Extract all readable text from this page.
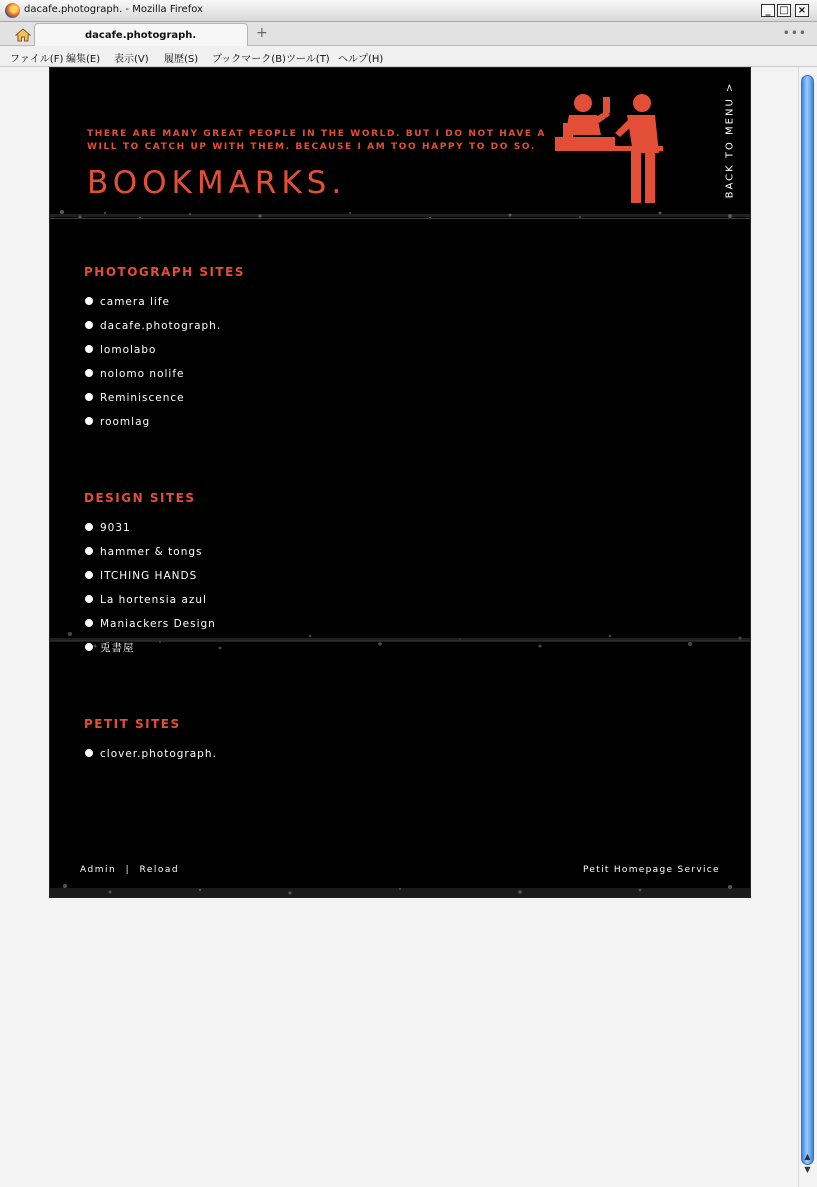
dacafe.photograph. - Mozilla Firefox	_ □ ×
dacafe.photograph.	+	•••
ファイル(F) 編集(E) 表示(V) 履歴(S) ブックマーク(B) ツール(T) ヘルプ(H)
THERE ARE MANY GREAT PEOPLE IN THE WORLD. BUT I DO NOT HAVE A WILL TO CATCH UP WITH THEM. BECAUSE I AM TOO HAPPY TO DO SO.
BOOKMARKS.	BACK TO MENU >
PHOTOGRAPH SITES
camera life
dacafe.photograph.
lomolabo
nolomo nolife
Reminiscence
roomlag
DESIGN SITES
9031
hammer & tongs
ITCHING HANDS
La hortensia azul
Maniackers Design
兎書屋
PETIT SITES
clover.photograph.
Admin | Reload	Petit Homepage Service
▲
▼
